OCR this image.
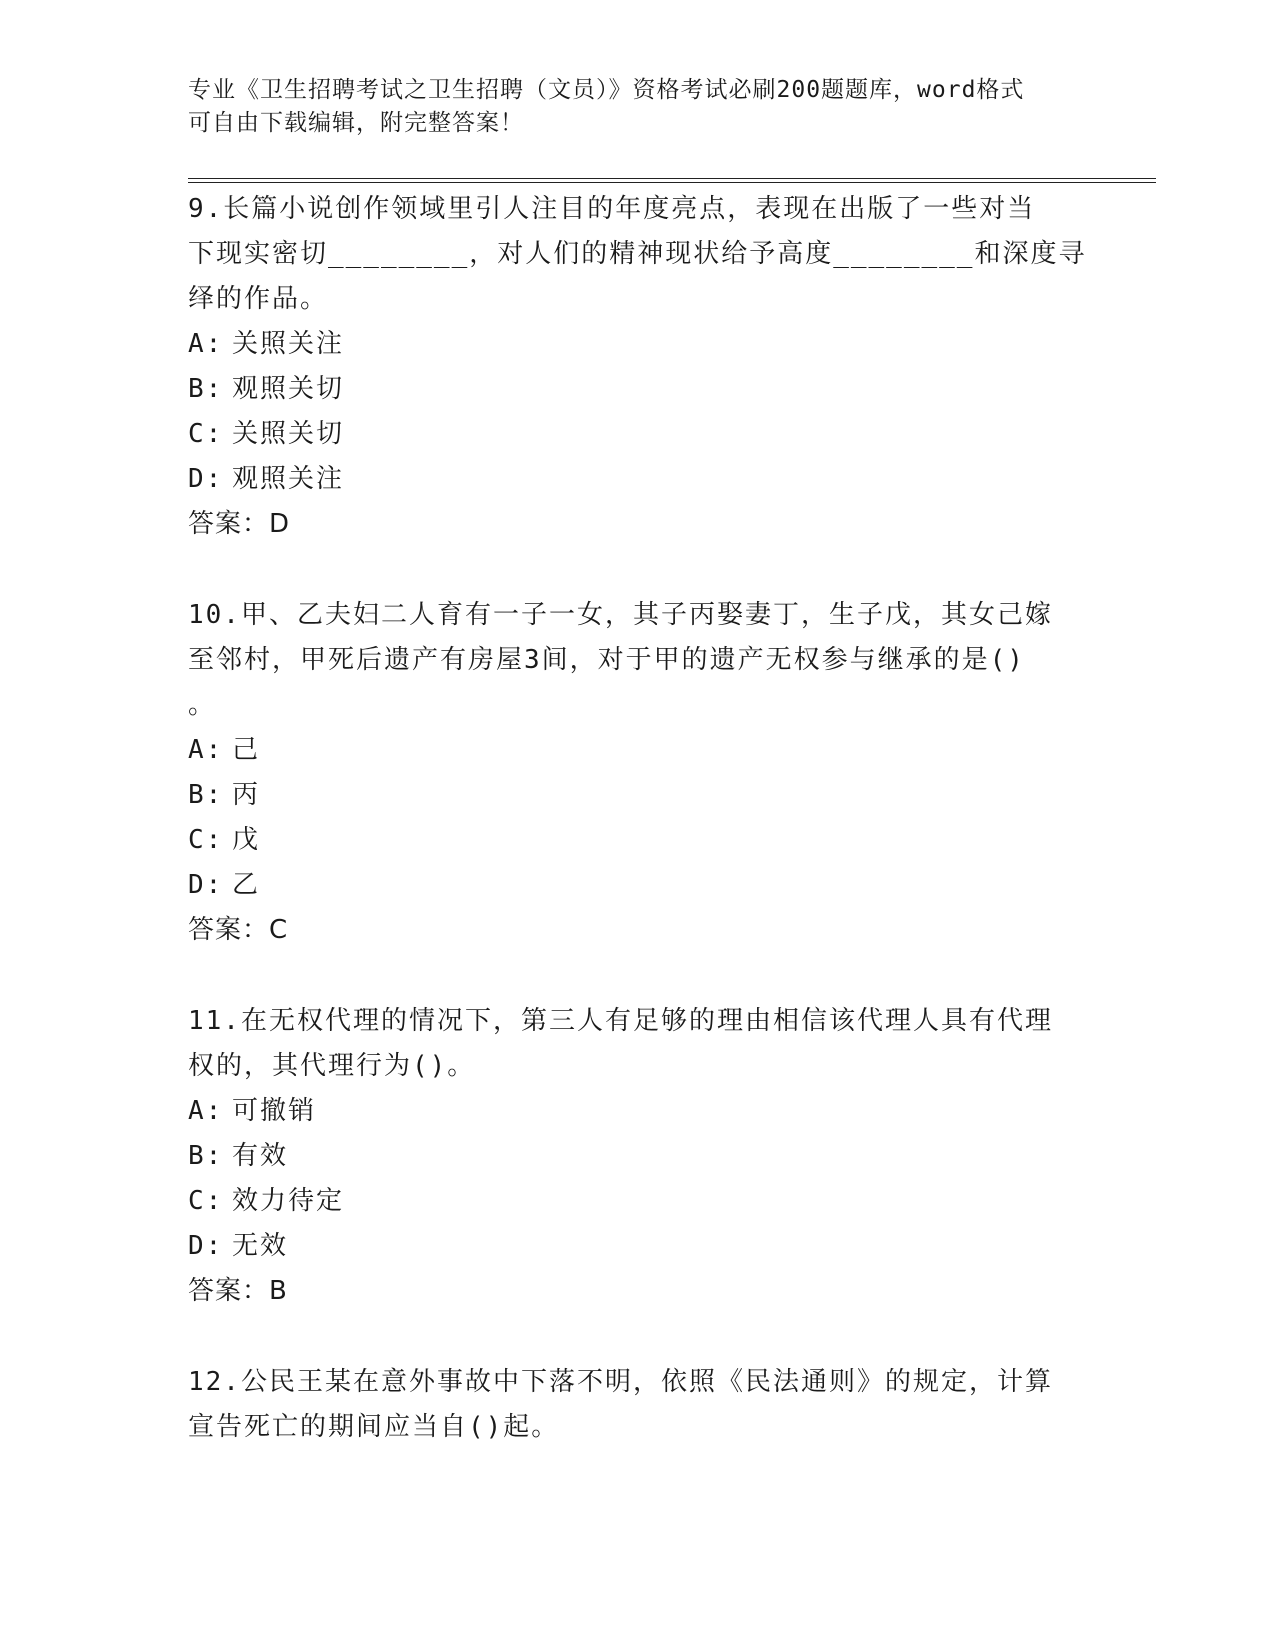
专业《卫生招聘考试之卫生招聘（文员）》资格考试必刷200题题库，word格式
可自由下载编辑，附完整答案！
9.长篇小说创作领域里引人注目的年度亮点，表现在出版了一些对当
下现实密切________，对人们的精神现状给予高度________和深度寻
绎的作品。
A: 关照关注
B: 观照关切
C: 关照关切
D: 观照关注
答案：D
10.甲、乙夫妇二人育有一子一女，其子丙娶妻丁，生子戊，其女己嫁
至邻村，甲死后遗产有房屋3间，对于甲的遗产无权参与继承的是()
。
A: 己
B: 丙
C: 戊
D: 乙
答案：C
11.在无权代理的情况下，第三人有足够的理由相信该代理人具有代理
权的，其代理行为()。
A: 可撤销
B: 有效
C: 效力待定
D: 无效
答案：B
12.公民王某在意外事故中下落不明，依照《民法通则》的规定，计算
宣告死亡的期间应当自()起。
